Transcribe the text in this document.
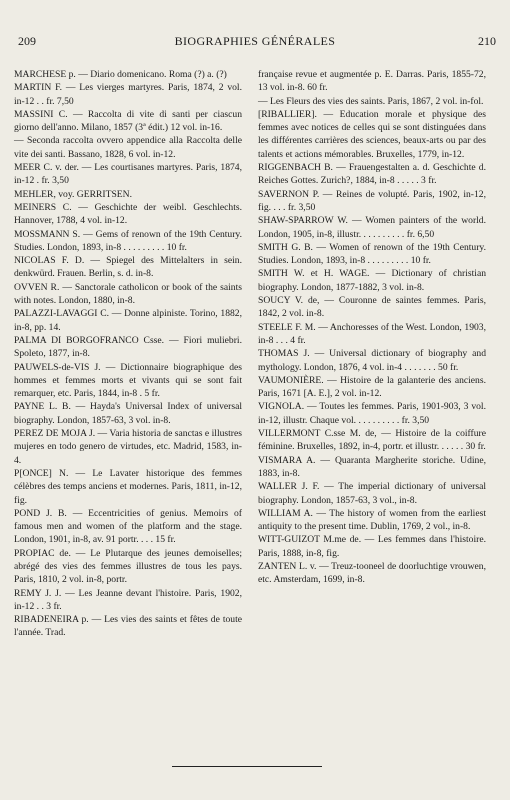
209	BIOGRAPHIES GÉNÉRALES	210
MARCHESE p. — Diario domenicano. Roma (?) a. (?)
MARTIN F. — Les vierges martyres. Paris, 1874, 2 vol. in-12 . . fr. 7,50
MASSINI C. — Raccolta di vite di santi per ciascun giorno dell'anno. Milano, 1857 (3ª édit.) 12 vol. in-16.
— Seconda raccolta ovvero appendice alla Raccolta delle vite dei santi. Bassano, 1828, 6 vol. in-12.
MEER C. v. der. — Les courtisanes martyres. Paris, 1874, in-12 . fr. 3,50
MEHLER, voy. GERRITSEN.
MEINERS C. — Geschichte der weibl. Geschlechts. Hannover, 1788, 4 vol. in-12.
MOSSMANN S. — Gems of renown of the 19th Century. Studies. London, 1893, in-8 . . . . . . . . . 10 fr.
NICOLAS F. D. — Spiegel des Mittelalters in sein. denkwürd. Frauen. Berlin, s. d. in-8.
OVVEN R. — Sanctorale catholicon or book of the saints with notes. London, 1880, in-8.
PALAZZI-LAVAGGI C. — Donne alpiniste. Torino, 1882, in-8, pp. 14.
PALMA DI BORGOFRANCO Csse. — Fiori muliebri. Spoleto, 1877, in-8.
PAUWELS-de-VIS J. — Dictionnaire biographique des hommes et femmes morts et vivants qui se sont fait remarquer, etc. Paris, 1844, in-8 . 5 fr.
PAYNE L. B. — Hayda's Universal Index of universal biography. London, 1857-63, 3 vol. in-8.
PEREZ DE MOJA J. — Varia historia de sanctas e illustres mujeres en todo genero de virtudes, etc. Madrid, 1583, in-4.
P[ONCE] N. — Le Lavater historique des femmes célèbres des temps anciens et modernes. Paris, 1811, in-12, fig.
POND J. B. — Eccentricities of genius. Memoirs of famous men and women of the platform and the stage. London, 1901, in-8, av. 91 portr. . . . 15 fr.
PROPIAC de. — Le Plutarque des jeunes demoiselles; abrégé des vies des femmes illustres de tous les pays. Paris, 1810, 2 vol. in-8, portr.
REMY J. J. — Les Jeanne devant l'histoire. Paris, 1902, in-12 . . 3 fr.
RIBADENEIRA p. — Les vies des saints et fêtes de toute l'année. Trad.
française revue et augmentée p. E. Darras. Paris, 1855-72, 13 vol. in-8. 60 fr.
— Les Fleurs des vies des saints. Paris, 1867, 2 vol. in-fol.
[RIBALLIER]. — Education morale et physique des femmes avec notices de celles qui se sont distinguées dans les différentes carrières des sciences, beaux-arts ou par des talents et actions mémorables. Bruxelles, 1779, in-12.
RIGGENBACH B. — Frauengestalten a. d. Geschichte d. Reiches Gottes. Zurich?, 1884, in-8 . . . . . 3 fr.
SAVERNON P. — Reines de volupté. Paris, 1902, in-12, fig. . . . fr. 3,50
SHAW-SPARROW W. — Women painters of the world. London, 1905, in-8, illustr. . . . . . . . . . fr. 6,50
SMITH G. B. — Women of renown of the 19th Century. Studies. London, 1893, in-8 . . . . . . . . . 10 fr.
SMITH W. et H. WAGE. — Dictionary of christian biography. London, 1877-1882, 3 vol. in-8.
SOUCY V. de, — Couronne de saintes femmes. Paris, 1842, 2 vol. in-8.
STEELE F. M. — Anchoresses of the West. London, 1903, in-8 . . . 4 fr.
THOMAS J. — Universal dictionary of biography and mythology. London, 1876, 4 vol. in-4 . . . . . . . 50 fr.
VAUMONIÈRE. — Histoire de la galanterie des anciens. Paris, 1671 [A. E.], 2 vol. in-12.
VIGNOLA. — Toutes les femmes. Paris, 1901-903, 3 vol. in-12, illustr. Chaque vol. . . . . . . . . . fr. 3,50
VILLERMONT C.sse M. de, — Histoire de la coiffure féminine. Bruxelles, 1892, in-4, portr. et illustr. . . . . . 30 fr.
VISMARA A. — Quaranta Margherite storiche. Udine, 1883, in-8.
WALLER J. F. — The imperial dictionary of universal biography. London, 1857-63, 3 vol., in-8.
WILLIAM A. — The history of women from the earliest antiquity to the present time. Dublin, 1769, 2 vol., in-8.
WITT-GUIZOT M.me de. — Les femmes dans l'histoire. Paris, 1888, in-8, fig.
ZANTEN L. v. — Treuz-tooneel de doorluchtige vrouwen, etc. Amsterdam, 1699, in-8.
